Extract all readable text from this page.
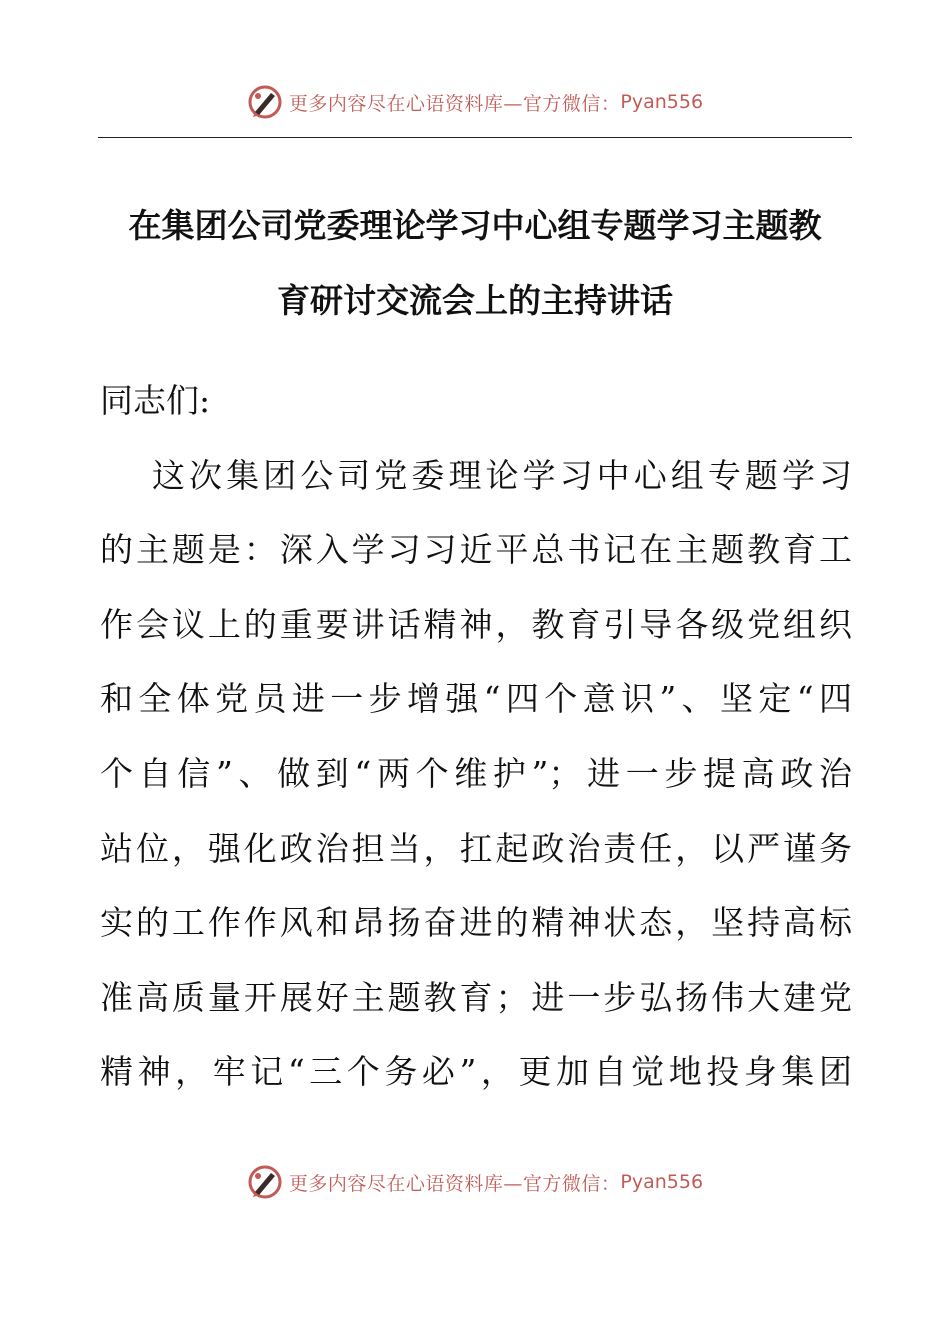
更多内容尽在心语资料库—官方微信： Pyan556
在集团公司党委理论学习中心组专题学习主题教
育研讨交流会上的主持讲话
同志们:
这次集团公司党委理论学习中心组专题学习
的主题是：深入学习习近平总书记在主题教育工
作会议上的重要讲话精神，教育引导各级党组织
和全体党员进一步增强“四个意识”、坚定“四
个自信”、做到“两个维护”；进一步提高政治
站位，强化政治担当，扛起政治责任，以严谨务
实的工作作风和昂扬奋进的精神状态，坚持高标
准高质量开展好主题教育；进一步弘扬伟大建党
精神，牢记“三个务必”，更加自觉地投身集团
更多内容尽在心语资料库—官方微信： Pyan556
